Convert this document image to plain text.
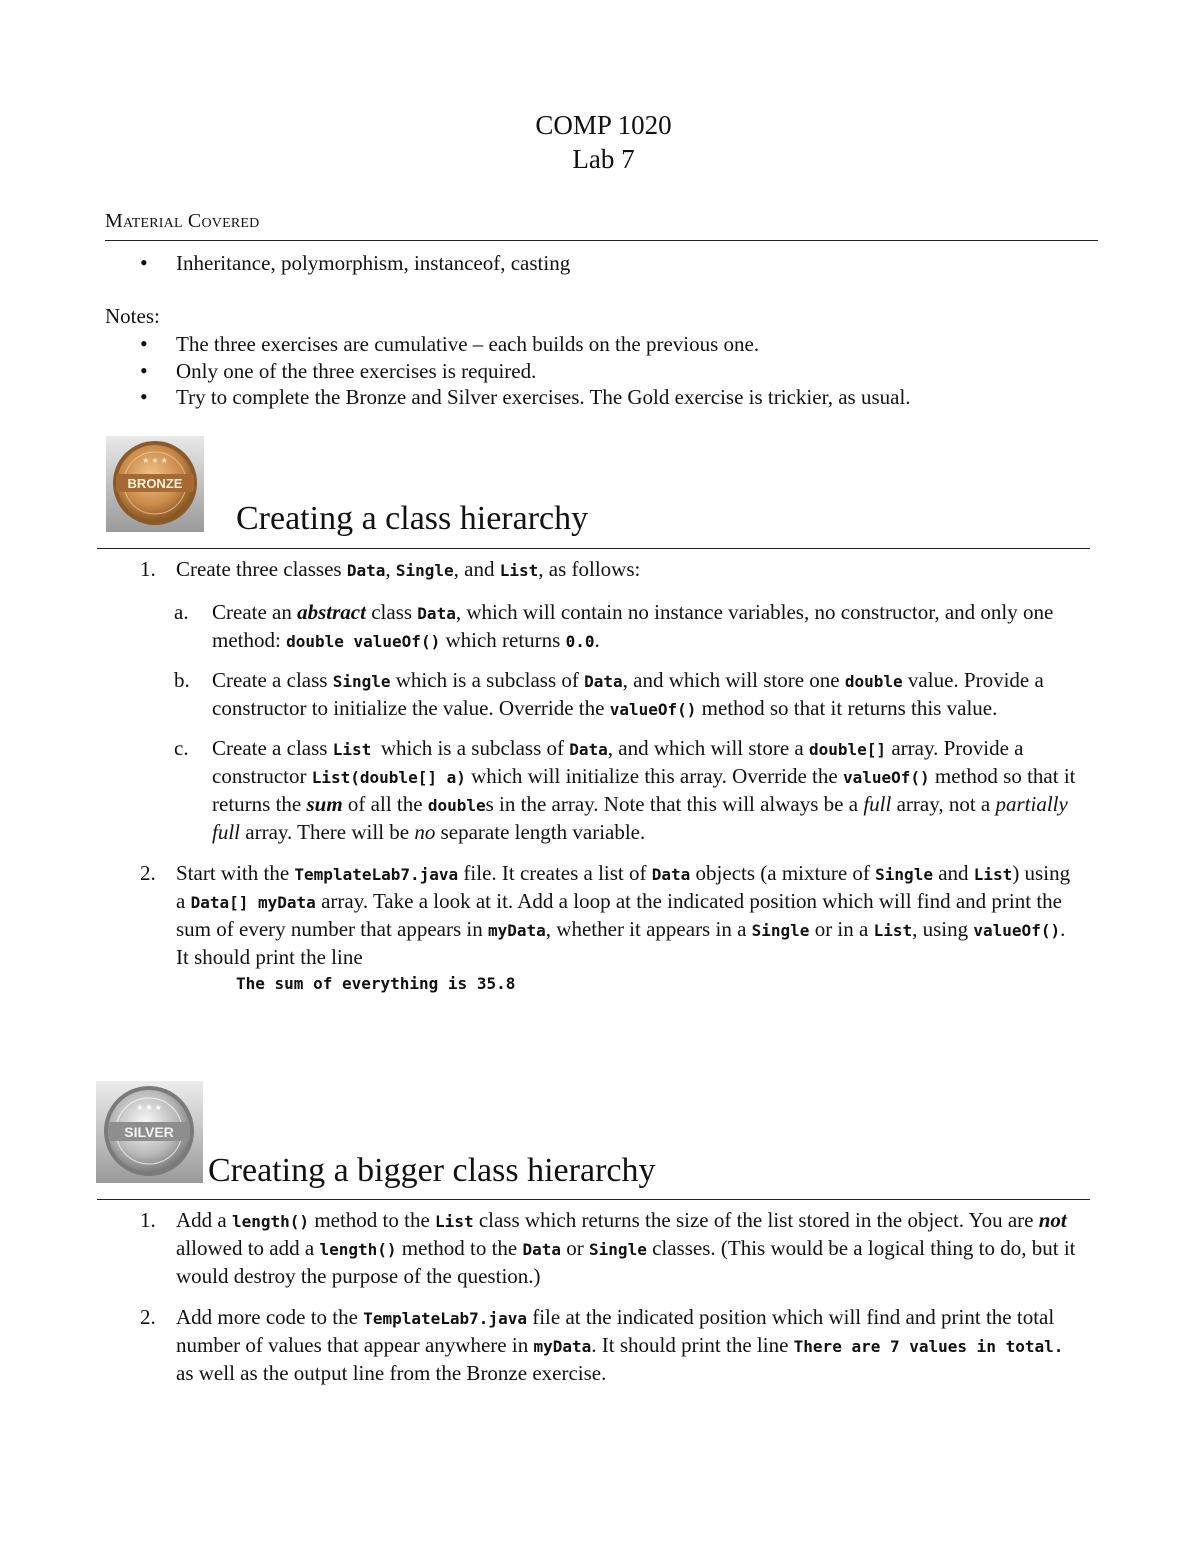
COMP 1020
Lab 7
Material Covered
• Inheritance, polymorphism, instanceof, casting
Notes:
• The three exercises are cumulative – each builds on the previous one.
• Only one of the three exercises is required.
• Try to complete the Bronze and Silver exercises. The Gold exercise is trickier, as usual.
BRONZE
★ ★ ★
Creating a class hierarchy
1. Create three classes Data, Single, and List, as follows:
a. Create an abstract class Data, which will contain no instance variables, no constructor, and only one method: double valueOf() which returns 0.0.
b. Create a class Single which is a subclass of Data, and which will store one double value. Provide a constructor to initialize the value. Override the valueOf() method so that it returns this value.
c. Create a class List which is a subclass of Data, and which will store a double[] array. Provide a constructor List(double[] a) which will initialize this array. Override the valueOf() method so that it returns the sum of all the doubles in the array. Note that this will always be a full array, not a partially full array. There will be no separate length variable.
2. Start with the TemplateLab7.java file. It creates a list of Data objects (a mixture of Single and List) using a Data[] myData array. Take a look at it. Add a loop at the indicated position which will find and print the sum of every number that appears in myData, whether it appears in a Single or in a List, using valueOf(). It should print the line
The sum of everything is 35.8
SILVER
★ ★ ★
Creating a bigger class hierarchy
1. Add a length() method to the List class which returns the size of the list stored in the object. You are not allowed to add a length() method to the Data or Single classes. (This would be a logical thing to do, but it would destroy the purpose of the question.)
2. Add more code to the TemplateLab7.java file at the indicated position which will find and print the total number of values that appear anywhere in myData. It should print the line There are 7 values in total. as well as the output line from the Bronze exercise.
